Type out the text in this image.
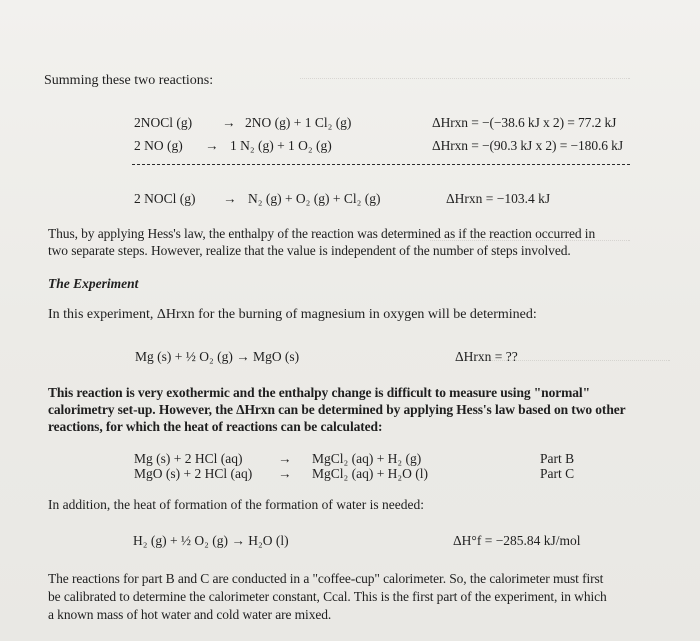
Summing these two reactions:
2NOCl (g) → 2NO (g) + 1 Cl₂ (g)	ΔHrxn = −(−38.6 kJ x 2) = 77.2 kJ
2 NO (g) → 1 N₂ (g) + 1 O₂ (g)	ΔHrxn = −(90.3 kJ x 2) = −180.6 kJ
2 NOCl (g) → N₂ (g) + O₂ (g) + Cl₂ (g)	ΔHrxn = −103.4 kJ
Thus, by applying Hess's law, the enthalpy of the reaction was determined as if the reaction occurred in
two separate steps. However, realize that the value is independent of the number of steps involved.
The Experiment
In this experiment, ΔHrxn for the burning of magnesium in oxygen will be determined:
Mg (s) + ½ O₂ (g) → MgO (s)	ΔHrxn = ??
This reaction is very exothermic and the enthalpy change is difficult to measure using "normal"
calorimetry set-up. However, the ΔHrxn can be determined by applying Hess's law based on two other
reactions, for which the heat of reactions can be calculated:
Mg (s) + 2 HCl (aq)	→ MgCl₂ (aq) + H₂ (g)	Part B
MgO (s) + 2 HCl (aq) → MgCl₂ (aq) + H₂O (l)	Part C
In addition, the heat of formation of the formation of water is needed:
H₂ (g) + ½ O₂ (g) → H₂O (l)	ΔH°f = −285.84 kJ/mol
The reactions for part B and C are conducted in a "coffee-cup" calorimeter. So, the calorimeter must first
be calibrated to determine the calorimeter constant, Ccal. This is the first part of the experiment, in which
a known mass of hot water and cold water are mixed.
